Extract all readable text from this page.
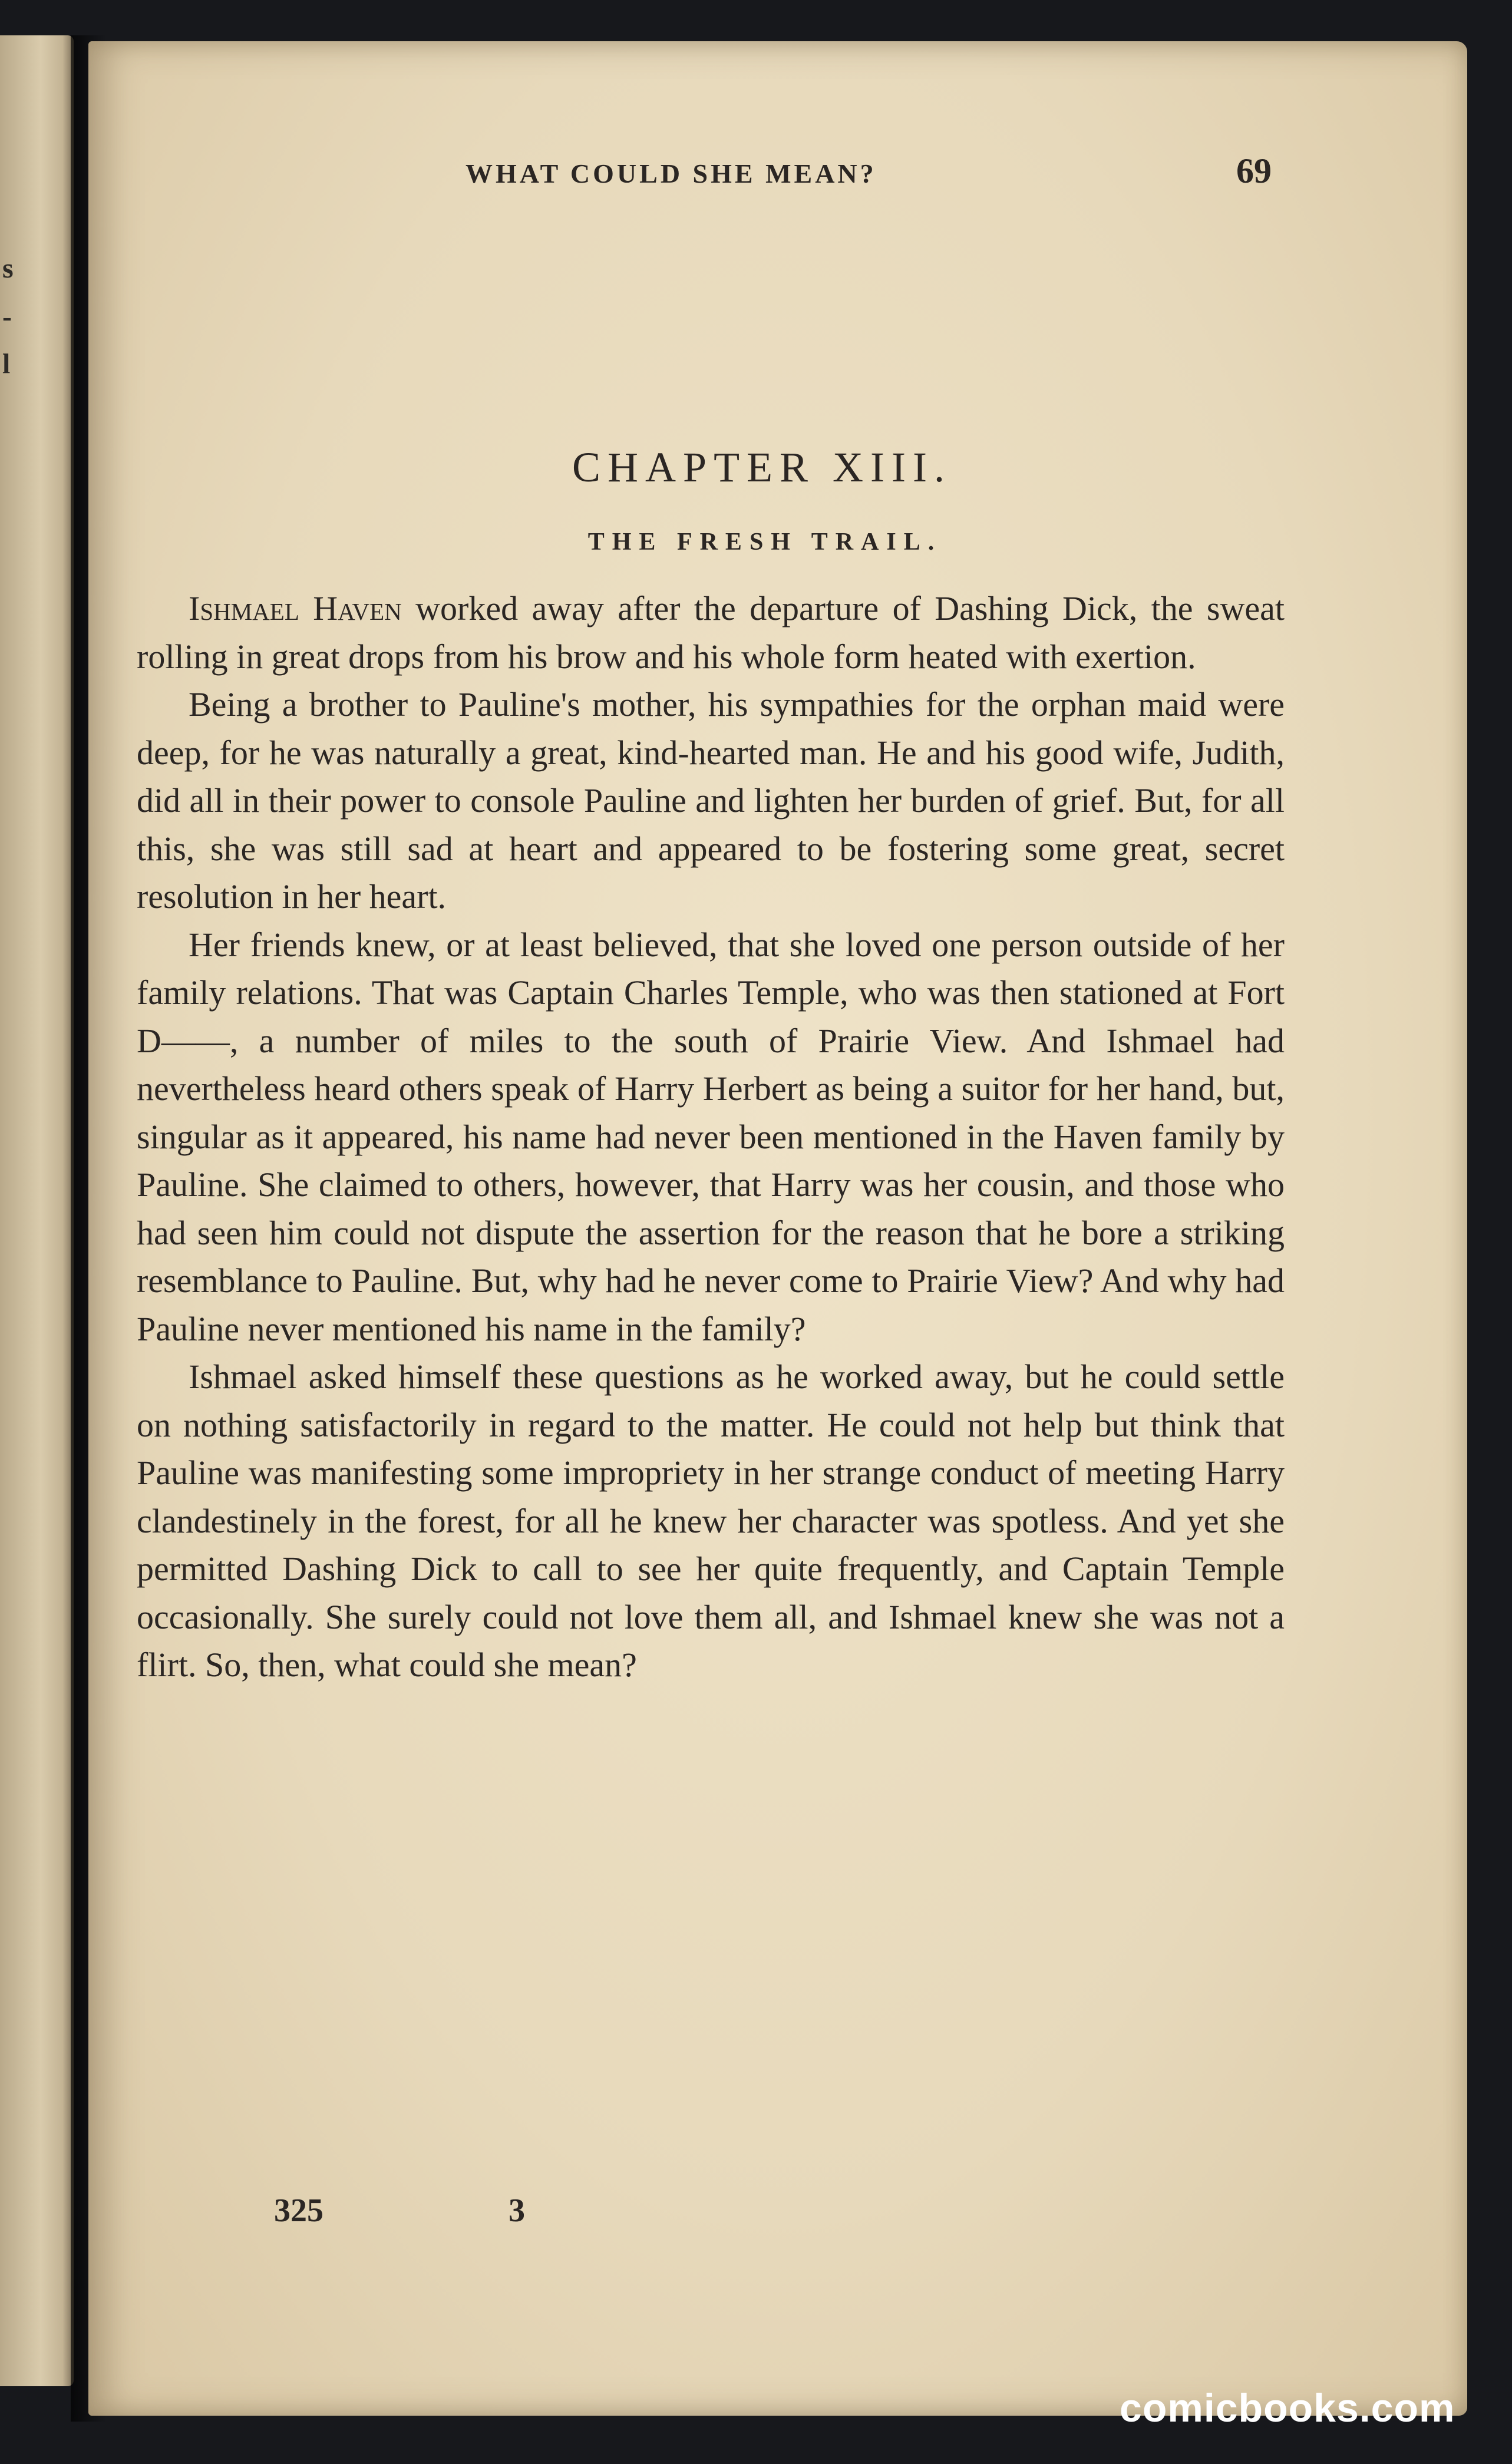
s
-
l
WHAT COULD SHE MEAN?	69
CHAPTER XIII.
THE FRESH TRAIL.

Ishmael Haven worked away after the departure of Dashing Dick, the sweat rolling in great drops from his brow and his whole form heated with exertion.

Being a brother to Pauline's mother, his sympathies for the orphan maid were deep, for he was naturally a great, kind-hearted man. He and his good wife, Judith, did all in their power to console Pauline and lighten her burden of grief. But, for all this, she was still sad at heart and appeared to be fostering some great, secret resolution in her heart.

Her friends knew, or at least believed, that she loved one person outside of her family relations. That was Captain Charles Temple, who was then stationed at Fort D——, a number of miles to the south of Prairie View. And Ishmael had nevertheless heard others speak of Harry Herbert as being a suitor for her hand, but, singular as it appeared, his name had never been mentioned in the Haven family by Pauline. She claimed to others, however, that Harry was her cousin, and those who had seen him could not dispute the assertion for the reason that he bore a striking resemblance to Pauline. But, why had he never come to Prairie View? And why had Pauline never mentioned his name in the family?

Ishmael asked himself these questions as he worked away, but he could settle on nothing satisfactorily in regard to the matter. He could not help but think that Pauline was manifesting some impropriety in her strange conduct of meeting Harry clandestinely in the forest, for all he knew her character was spotless. And yet she permitted Dashing Dick to call to see her quite frequently, and Captain Temple occasionally. She surely could not love them all, and Ishmael knew she was not a flirt. So, then, what could she mean?

325	3
comicbooks.com
